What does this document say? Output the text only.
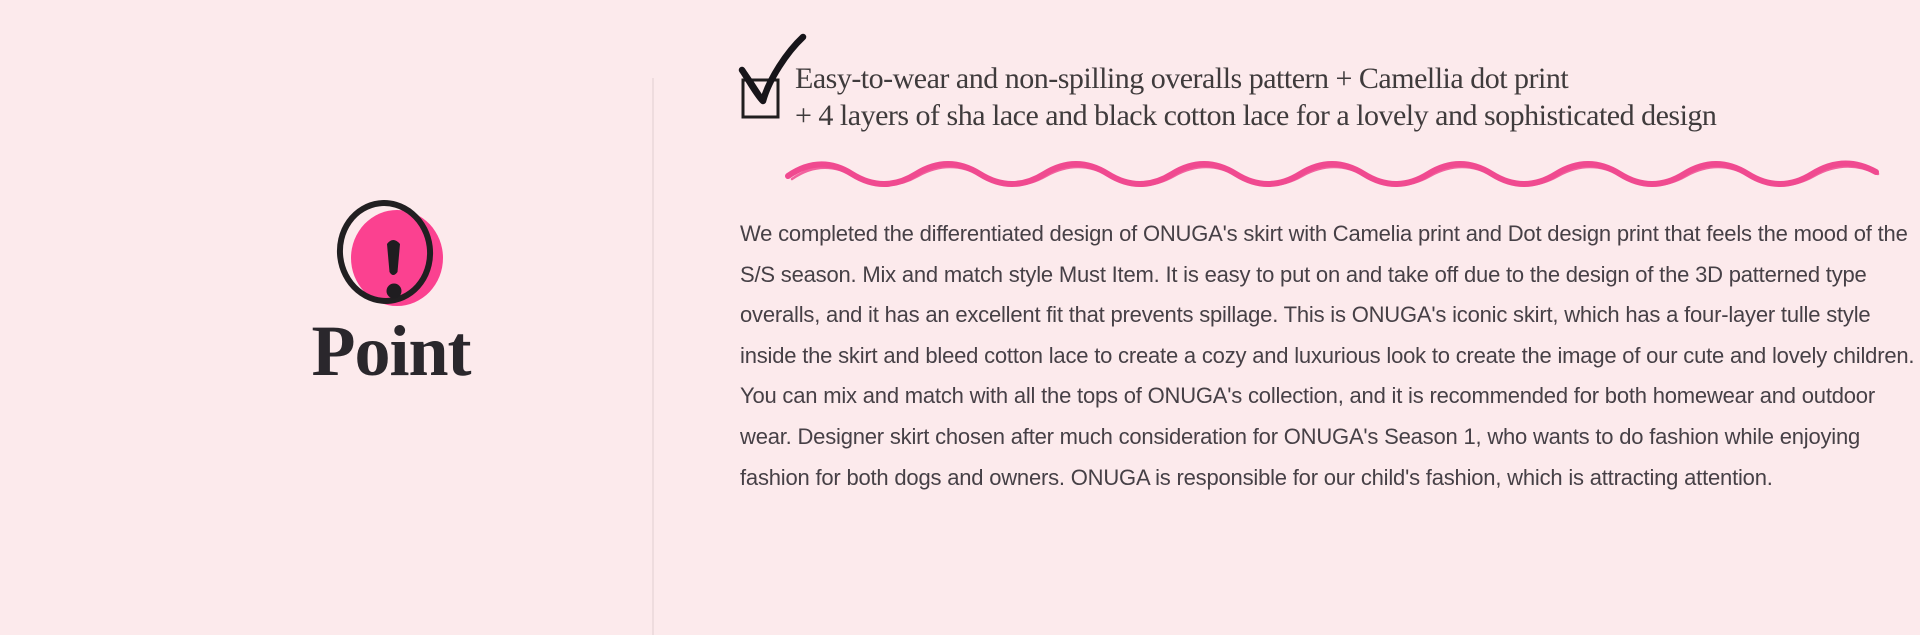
Point
Easy-to-wear and non-spilling overalls pattern + Camellia dot print
+ 4 layers of sha lace and black cotton lace for a lovely and sophisticated design

We completed the differentiated design of ONUGA's skirt with Camelia print and Dot design print that feels the mood of the S/S season. Mix and match style Must Item. It is easy to put on and take off due to the design of the 3D patterned type overalls, and it has an excellent fit that prevents spillage. This is ONUGA's iconic skirt, which has a four-layer tulle style inside the skirt and bleed cotton lace to create a cozy and luxurious look to create the image of our cute and lovely children.

You can mix and match with all the tops of ONUGA's collection, and it is recommended for both homewear and outdoor wear. Designer skirt chosen after much consideration for ONUGA's Season 1, who wants to do fashion while enjoying fashion for both dogs and owners. ONUGA is responsible for our child's fashion, which is attracting attention.
